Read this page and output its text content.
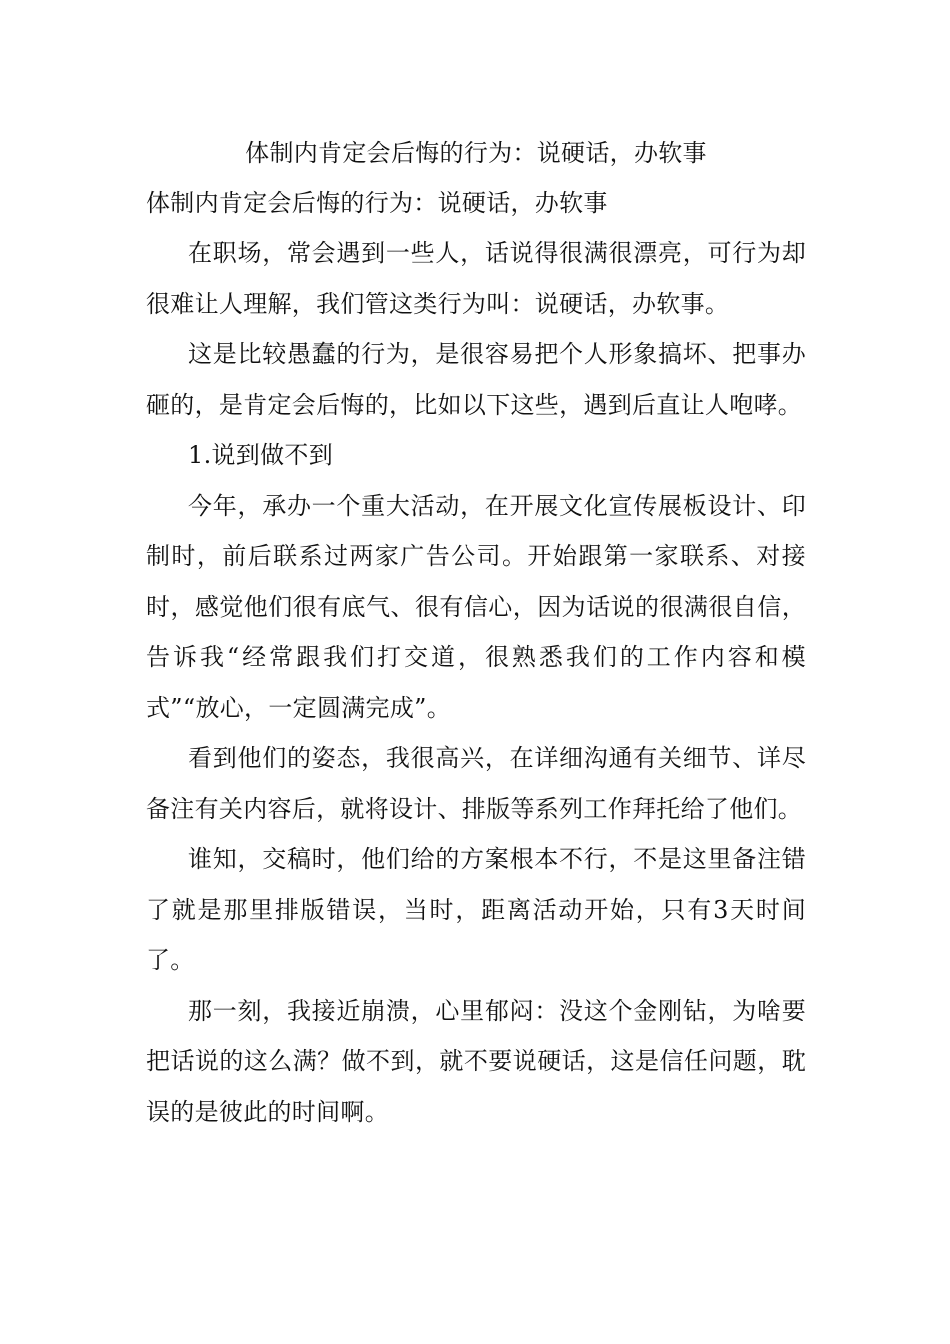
体制内肯定会后悔的行为：说硬话，办软事

体制内肯定会后悔的行为：说硬话，办软事

在职场，常会遇到一些人，话说得很满很漂亮，可行为却很难让人理解，我们管这类行为叫：说硬话，办软事。

这是比较愚蠢的行为，是很容易把个人形象搞坏、把事办砸的，是肯定会后悔的，比如以下这些，遇到后直让人咆哮。

1.说到做不到

今年，承办一个重大活动，在开展文化宣传展板设计、印制时，前后联系过两家广告公司。开始跟第一家联系、对接时，感觉他们很有底气、很有信心，因为话说的很满很自信，告诉我“经常跟我们打交道，很熟悉我们的工作内容和模式”“放心，一定圆满完成”。

看到他们的姿态，我很高兴，在详细沟通有关细节、详尽备注有关内容后，就将设计、排版等系列工作拜托给了他们。

谁知，交稿时，他们给的方案根本不行，不是这里备注错了就是那里排版错误，当时，距离活动开始，只有3天时间了。

那一刻，我接近崩溃，心里郁闷：没这个金刚钻，为啥要把话说的这么满？做不到，就不要说硬话，这是信任问题，耽误的是彼此的时间啊。
